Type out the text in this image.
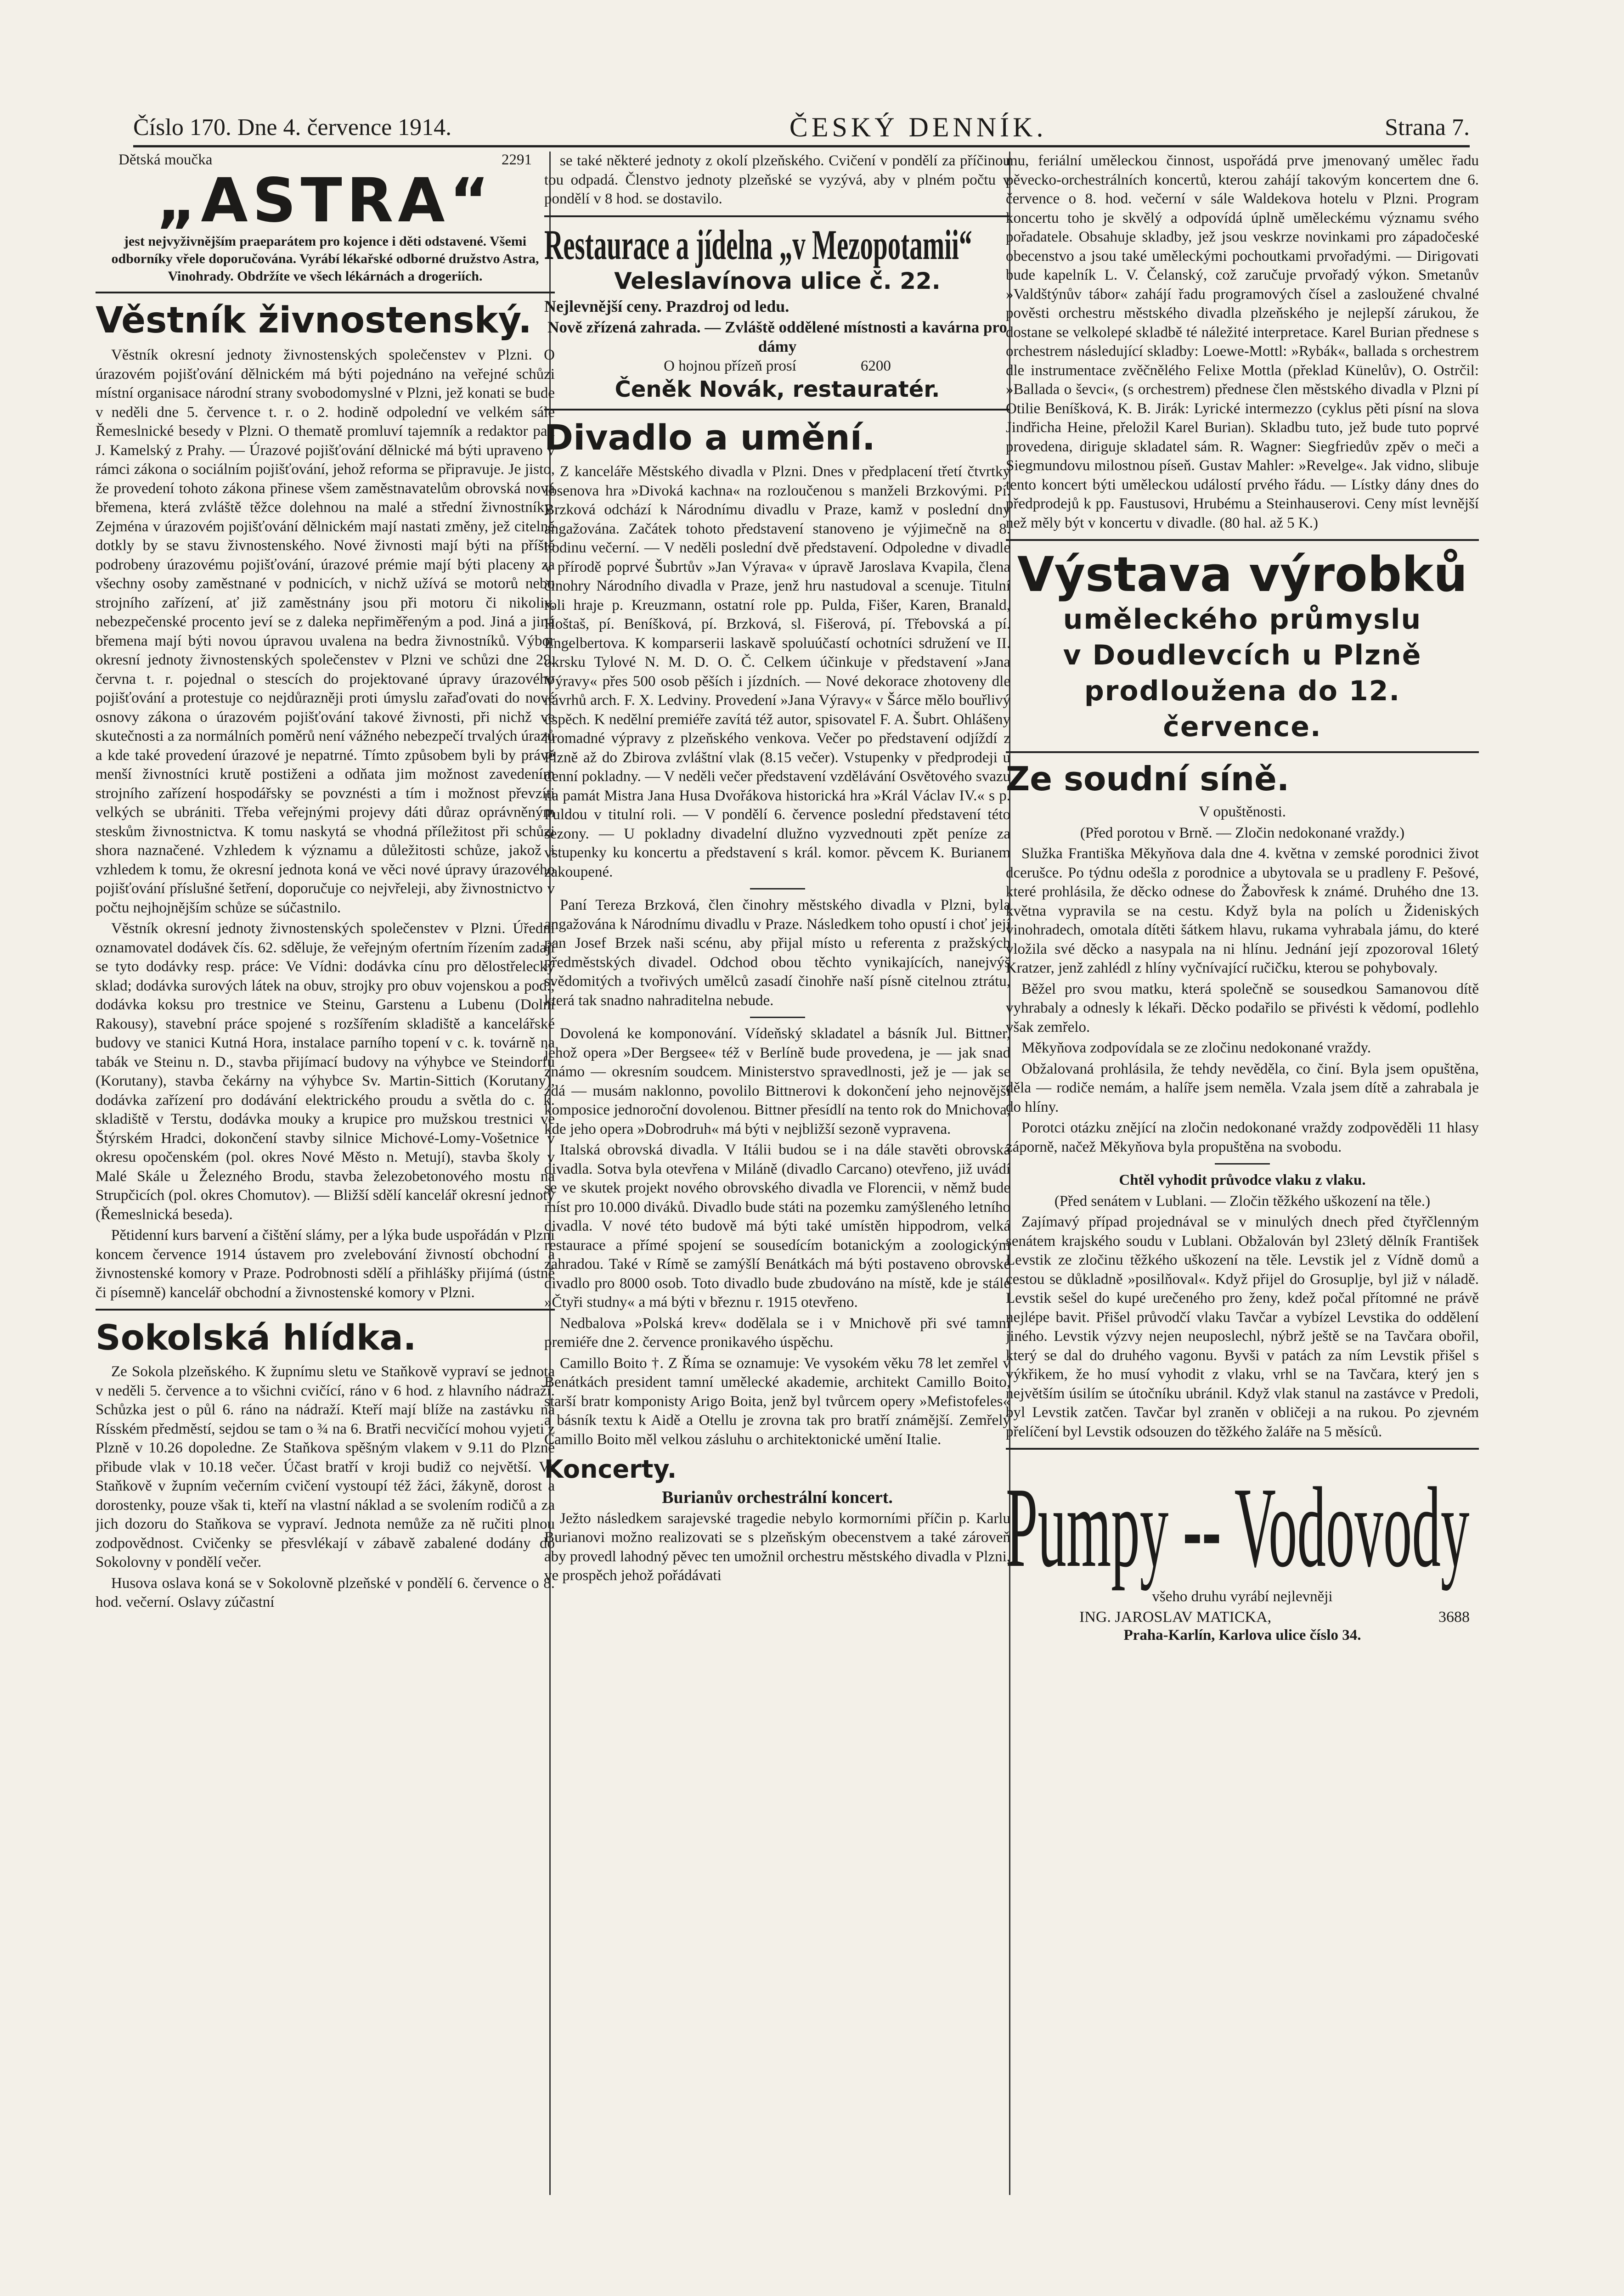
Číslo 170. Dne 4. července 1914.	ČESKÝ DENNÍK.	Strana 7.
Dětská moučka	2291
„ASTRA“

jest nejvyživnějším praeparátem pro kojence i děti odstavené. Všemi odborníky vřele doporučována. Vyrábí lékařské odborné družstvo Astra, Vinohrady. Obdržíte ve všech lékárnách a drogeriích.

Věstník živnostenský.

Věstník okresní jednoty živnostenských společenstev v Plzni. O úrazovém pojišťování dělnickém má býti pojednáno na veřejné schůzi místní organisace národní strany svobodomyslné v Plzni, jež konati se bude v neděli dne 5. července t. r. o 2. hodině odpolední ve velkém sále Řemeslnické besedy v Plzni. O thematě promluví tajemník a redaktor pan J. Kamelský z Prahy. — Úrazové pojišťování dělnické má býti upraveno v rámci zákona o sociálním pojišťování, jehož reforma se připravuje. Je jisto, že provedení tohoto zákona přinese všem zaměstnavatelům obrovská nová břemena, která zvláště těžce dolehnou na malé a střední živnostníky. Zejména v úrazovém pojišťování dělnickém mají nastati změny, jež citelně dotkly by se stavu živnostenského. Nové živnosti mají býti na příště podrobeny úrazovému pojišťování, úrazové prémie mají býti placeny za všechny osoby zaměstnané v podnicích, v nichž užívá se motorů nebo strojního zařízení, ať již zaměstnány jsou při motoru či nikoliv, nebezpečenské procento jeví se z daleka nepřiměřeným a pod. Jiná a jiná břemena mají býti novou úpravou uvalena na bedra živnostníků. Výbor okresní jednoty živnostenských společenstev v Plzni ve schůzi dne 29. června t. r. pojednal o stescích do projektované úpravy úrazového pojišťování a protestuje co nejdůrazněji proti úmyslu zařaďovati do nové osnovy zákona o úrazovém pojišťování takové živnosti, při nichž ve skutečnosti a za normálních poměrů není vážného nebezpečí trvalých úrazů a kde také provedení úrazové je nepatrné. Tímto způsobem byli by právě menší živnostníci krutě postiženi a odňata jim možnost zavedením strojního zařízení hospodářsky se povznésti a tím i možnost převzíti velkých se ubrániti. Třeba veřejnými projevy dáti důraz oprávněným steskům živnostnictva. K tomu naskytá se vhodná příležitost při schůzi shora naznačené. Vzhledem k významu a důležitosti schůze, jakož i vzhledem k tomu, že okresní jednota koná ve věci nové úpravy úrazového pojišťování příslušné šetření, doporučuje co nejvřeleji, aby živnostnictvo v počtu nejhojnějším schůze se súčastnilo.

Věstník okresní jednoty živnostenských společenstev v Plzni. Úřední oznamovatel dodávek čís. 62. sděluje, že veřejným ofertním řízením zadají se tyto dodávky resp. práce: Ve Vídni: dodávka cínu pro dělostřelecký sklad; dodávka surových látek na obuv, strojky pro obuv vojenskou a pod.; dodávka koksu pro trestnice ve Steinu, Garstenu a Lubenu (Dolní Rakousy), stavební práce spojené s rozšířením skladiště a kancelářské budovy ve stanici Kutná Hora, instalace parního topení v c. k. továrně na tabák ve Steinu n. D., stavba přijímací budovy na výhybce ve Steindorfu (Korutany), stavba čekárny na výhybce Sv. Martin-Sittich (Korutany), dodávka zařízení pro dodávání elektrického proudu a světla do c. k. skladiště v Terstu, dodávka mouky a krupice pro mužskou trestnici ve Štýrském Hradci, dokončení stavby silnice Michové-Lomy-Vošetnice v okresu opočenském (pol. okres Nové Město n. Metují), stavba školy v Malé Skále u Železného Brodu, stavba železobetonového mostu na Strupčicích (pol. okres Chomutov). — Bližší sdělí kancelář okresní jednoty (Řemeslnická beseda).

Pětidenní kurs barvení a čištění slámy, per a lýka bude uspořádán v Plzni koncem července 1914 ústavem pro zvelebování živností obchodní a živnostenské komory v Praze. Podrobnosti sdělí a přihlášky přijímá (ústně či písemně) kancelář obchodní a živnostenské komory v Plzni.

Sokolská hlídka.

Ze Sokola plzeňského. K župnímu sletu ve Staňkově vypraví se jednota v neděli 5. července a to všichni cvičící, ráno v 6 hod. z hlavního nádraží. Schůzka jest o půl 6. ráno na nádraží. Kteří mají blíže na zastávku na Rísském předměstí, sejdou se tam o ¾ na 6. Bratři necvičící mohou vyjeti z Plzně v 10.26 dopoledne. Ze Staňkova spěšným vlakem v 9.11 do Plzně přibude vlak v 10.18 večer. Účast bratří v kroji budiž co největší. Ve Staňkově v župním večerním cvičení vystoupí též žáci, žákyně, dorost a dorostenky, pouze však ti, kteří na vlastní náklad a se svolením rodičů a za jich dozoru do Staňkova se vypraví. Jednota nemůže za ně ručiti plnou zodpovědnost. Cvičenky se přesvlékají v zábavě zabalené dodány do Sokolovny v pondělí večer.

Husova oslava koná se v Sokolovně plzeňské v pondělí 6. července o 8. hod. večerní. Oslavy zúčastní

se také některé jednoty z okolí plzeňského. Cvičení v pondělí za příčinou tou odpadá. Členstvo jednoty plzeňské se vyzývá, aby v plném počtu v pondělí v 8 hod. se dostavilo.

Restaurace a jídelna „v Mezopotamii“
Veleslavínova ulice č. 22.

Nejlevnější ceny. Prazdroj od ledu.

Nově zřízená zahrada. — Zvláště oddělené místnosti a kavárna pro dámy

O hojnou přízeň prosí	6200
Čeněk Novák, restauratér.
Divadlo a umění.

Z kanceláře Městského divadla v Plzni. Dnes v předplacení třetí čtvrtky Ibsenova hra »Divoká kachna« na rozloučenou s manželi Brzkovými. Pí. Brzková odchází k Národnímu divadlu v Praze, kamž v poslední dny angažována. Začátek tohoto představení stanoveno je výjimečně na 8. hodinu večerní. — V neděli poslední dvě představení. Odpoledne v divadle v přírodě poprvé Šubrtův »Jan Výrava« v úpravě Jaroslava Kvapila, člena činohry Národního divadla v Praze, jenž hru nastudoval a scenuje. Titulní roli hraje p. Kreuzmann, ostatní role pp. Pulda, Fišer, Karen, Branald, Hoštaš, pí. Beníšková, pí. Brzková, sl. Fišerová, pí. Třebovská a pí. Engelbertova. K komparserii laskavě spoluúčastí ochotníci sdružení ve II. okrsku Tylové N. M. D. O. Č. Celkem účinkuje v představení »Jana Výravy« přes 500 osob pěších i jízdních. — Nové dekorace zhotoveny dle návrhů arch. F. X. Ledviny. Provedení »Jana Výravy« v Šárce mělo bouřlivý úspěch. K nedělní premiéře zavítá též autor, spisovatel F. A. Šubrt. Ohlášeny hromadné výpravy z plzeňského venkova. Večer po představení odjíždí z Plzně až do Zbirova zvláštní vlak (8.15 večer). Vstupenky v předprodeji u denní pokladny. — V neděli večer představení vzdělávání Osvětového svazu na památ Mistra Jana Husa Dvořákova historická hra »Král Václav IV.« s p. Puldou v titulní roli. — V pondělí 6. července poslední představení této sezony. — U pokladny divadelní dlužno vyzvednouti zpět peníze za vstupenky ku koncertu a představení s král. komor. pěvcem K. Burianem zakoupené.

Paní Tereza Brzková, člen činohry městského divadla v Plzni, byla angažována k Národnímu divadlu v Praze. Následkem toho opustí i choť její pan Josef Brzek naši scénu, aby přijal místo u referenta z pražských předměstských divadel. Odchod obou těchto vynikajících, nanejvýš svědomitých a tvořivých umělců zasadí činohře naší písně citelnou ztrátu, která tak snadno nahraditelna nebude.

Dovolená ke komponování. Vídeňský skladatel a básník Jul. Bittner, jehož opera »Der Bergsee« též v Berlíně bude provedena, je — jak snad známo — okresním soudcem. Ministerstvo spravedlnosti, jež je — jak se zdá — musám naklonno, povolilo Bittnerovi k dokončení jeho nejnovější komposice jednoroční dovolenou. Bittner přesídlí na tento rok do Mnichova, kde jeho opera »Dobrodruh« má býti v nejbližší sezoně vypravena.

Italská obrovská divadla. V Itálii budou se i na dále stavěti obrovská divadla. Sotva byla otevřena v Miláně (divadlo Carcano) otevřeno, již uvádí se ve skutek projekt nového obrovského divadla ve Florencii, v němž bude míst pro 10.000 diváků. Divadlo bude státi na pozemku zamýšleného letního divadla. V nové této budově má býti také umístěn hippodrom, velká restaurace a přímé spojení se sousedícím botanickým a zoologickým zahradou. Také v Rímě se zamýšlí Benátkách má býti postaveno obrovské divadlo pro 8000 osob. Toto divadlo bude zbudováno na místě, kde je stále »Čtyři studny« a má býti v březnu r. 1915 otevřeno.

Nedbalova »Polská krev« dodělala se i v Mnichově při své tamní premiéře dne 2. července pronikavého úspěchu.

Camillo Boito †. Z Říma se oznamuje: Ve vysokém věku 78 let zemřel v Benátkách president tamní umělecké akademie, architekt Camillo Boito, starší bratr komponisty Arigo Boita, jenž byl tvůrcem opery »Mefistofeles« a básník textu k Aidě a Otellu je zrovna tak pro bratří známější. Zemřelý Camillo Boito měl velkou zásluhu o architektonické umění Italie.

Koncerty.

Burianův orchestrální koncert.

Ježto následkem sarajevské tragedie nebylo kormorními příčin p. Karlu Burianovi možno realizovati se s plzeňským obecenstvem a také zároveň aby provedl lahodný pěvec ten umožnil orchestru městského divadla v Plzni, ve prospěch jehož pořádávati

mu, feriální uměleckou činnost, uspořádá prve jmenovaný umělec řadu pěvecko-orchestrálních koncertů, kterou zahájí takovým koncertem dne 6. července o 8. hod. večerní v sále Waldekova hotelu v Plzni. Program koncertu toho je skvělý a odpovídá úplně uměleckému významu svého pořadatele. Obsahuje skladby, jež jsou veskrze novinkami pro západočeské obecenstvo a jsou také uměleckými pochoutkami prvořadými. — Dirigovati bude kapelník L. V. Čelanský, což zaručuje prvořadý výkon. Smetanův »Valdštýnův tábor« zahájí řadu programových čísel a zasloužené chvalné pověsti orchestru městského divadla plzeňského je nejlepší zárukou, že dostane se velkolepé skladbě té náležité interpretace. Karel Burian přednese s orchestrem následující skladby: Loewe-Mottl: »Rybák«, ballada s orchestrem dle instrumentace zvěčnělého Felixe Mottla (překlad Künelův), O. Ostrčil: »Ballada o ševci«, (s orchestrem) přednese člen městského divadla v Plzni pí Otilie Beníšková, K. B. Jirák: Lyrické intermezzo (cyklus pěti písní na slova Jindřicha Heine, přeložil Karel Burian). Skladbu tuto, jež bude tuto poprvé provedena, diriguje skladatel sám. R. Wagner: Siegfriedův zpěv o meči a Siegmundovu milostnou píseň. Gustav Mahler: »Revelge«. Jak vidno, slibuje tento koncert býti uměleckou událostí prvého řádu. — Lístky dány dnes do předprodejů k pp. Faustusovi, Hrubému a Steinhauserovi. Ceny míst levnější než měly být v koncertu v divadle. (80 hal. až 5 K.)

Výstava výrobků
uměleckého průmyslu
v Doudlevcích u Plzně
prodloužena do 12.
července.
Ze soudní síně.

V opuštěnosti.

(Před porotou v Brně. — Zločin nedokonané vraždy.)

Služka Františka Měkyňova dala dne 4. května v zemské porodnici život dcerušce. Po týdnu odešla z porodnice a ubytovala se u pradleny F. Pešové, které prohlásila, že děcko odnese do Žabovřesk k známé. Druhého dne 13. května vypravila se na cestu. Když byla na polích u Žideniských vinohradech, omotala dítěti šátkem hlavu, rukama vyhrabala jámu, do které vložila své děcko a nasypala na ni hlínu. Jednání její zpozoroval 16letý Kratzer, jenž zahlédl z hlíny vyčnívající ručičku, kterou se pohybovaly.

Běžel pro svou matku, která společně se sousedkou Samanovou dítě vyhrabaly a odnesly k lékaři. Děcko podařilo se přivésti k vědomí, podlehlo však zemřelo.

Měkyňova zodpovídala se ze zločinu nedokonané vraždy.

Obžalovaná prohlásila, že tehdy nevěděla, co činí. Byla jsem opuštěna, děla — rodiče nemám, a halíře jsem neměla. Vzala jsem dítě a zahrabala je do hlíny.

Porotci otázku znějící na zločin nedokonané vraždy zodpověděli 11 hlasy záporně, načež Měkyňova byla propuštěna na svobodu.

Chtěl vyhodit průvodce vlaku z vlaku.

(Před senátem v Lublani. — Zločin těžkého uškození na těle.)

Zajímavý případ projednával se v minulých dnech před čtyřčlenným senátem krajského soudu v Lublani. Obžalován byl 23letý dělník František Levstik ze zločinu těžkého uškození na těle. Levstik jel z Vídně domů a cestou se důkladně »posilňoval«. Když přijel do Grosuplje, byl již v náladě. Levstik sešel do kupé urečeného pro ženy, kdež počal přítomné ne právě nejlépe bavit. Přišel průvodčí vlaku Tavčar a vybízel Levstika do oddělení jiného. Levstik výzvy nejen neuposlechl, nýbrž ještě se na Tavčara obořil, který se dal do druhého vagonu. Byvši v patách za ním Levstik přišel s výkřikem, že ho musí vyhodit z vlaku, vrhl se na Tavčara, který jen s největším úsilím se útočníku ubránil. Když vlak stanul na zastávce v Predoli, byl Levstik zatčen. Tavčar byl zraněn v obličeji a na rukou. Po zjevném přelíčení byl Levstik odsouzen do těžkého žaláře na 5 měsíců.

Pumpy -- Vodovody

všeho druhu vyrábí nejlevněji

ING. JAROSLAV MATICKA,	3688

Praha-Karlín, Karlova ulice číslo 34.
